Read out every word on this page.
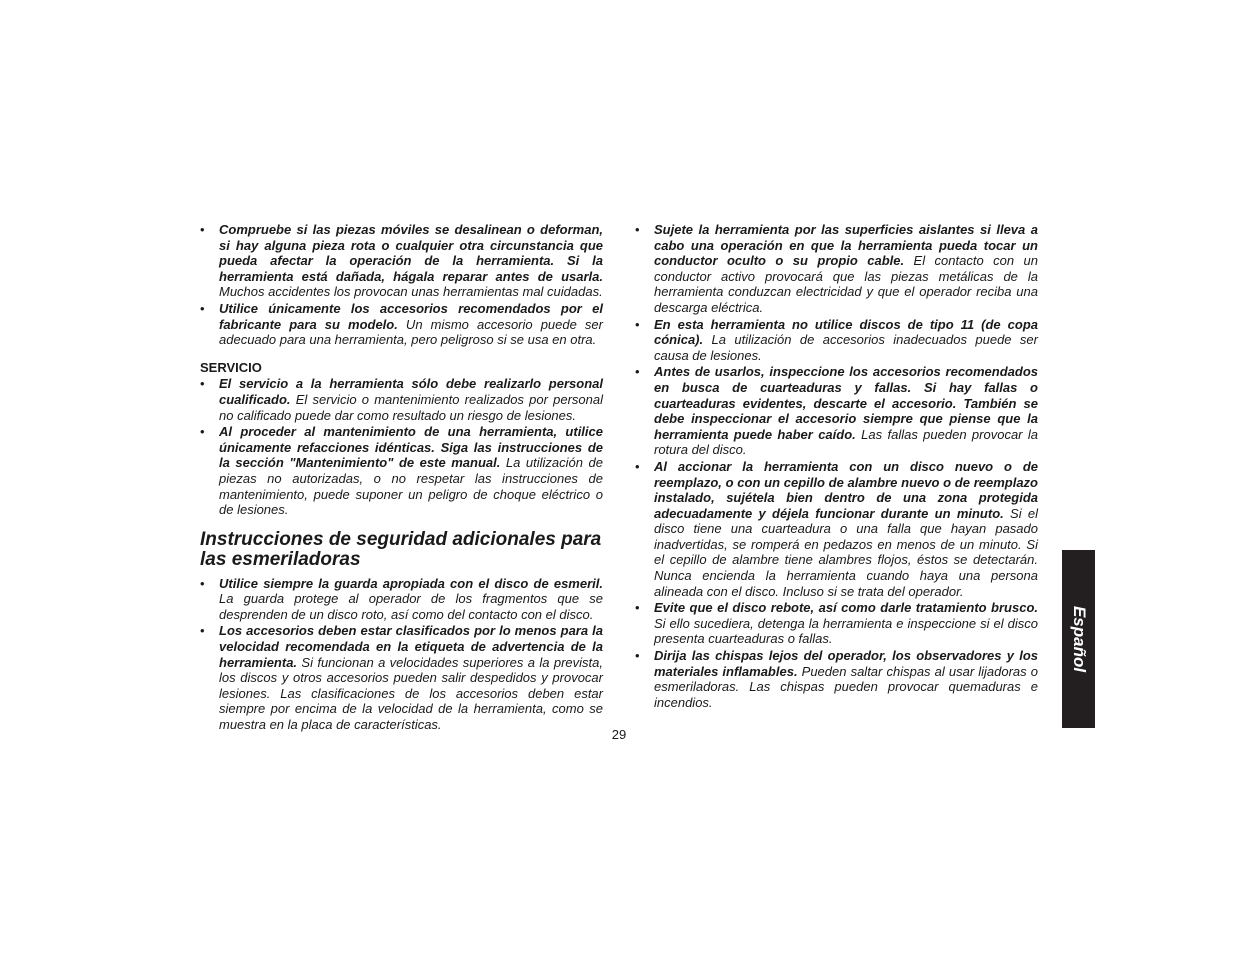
• Compruebe si las piezas móviles se desalinean o deforman, si hay alguna pieza rota o cualquier otra circunstancia que pueda afectar la operación de la herramienta. Si la herramienta está dañada, hágala reparar antes de usarla. Muchos accidentes los provocan unas herramientas mal cuidadas.
• Utilice únicamente los accesorios recomendados por el fabricante para su modelo. Un mismo accesorio puede ser adecuado para una herramienta, pero peligroso si se usa en otra.
SERVICIO
• El servicio a la herramienta sólo debe realizarlo personal cualificado. El servicio o mantenimiento realizados por personal no calificado puede dar como resultado un riesgo de lesiones.
• Al proceder al mantenimiento de una herramienta, utilice únicamente refacciones idénticas. Siga las instrucciones de la sección "Mantenimiento" de este manual. La utilización de piezas no autorizadas, o no respetar las instrucciones de mantenimiento, puede suponer un peligro de choque eléctrico o de lesiones.
Instrucciones de seguridad adicionales para las esmeriladoras
• Utilice siempre la guarda apropiada con el disco de esmeril. La guarda protege al operador de los fragmentos que se desprenden de un disco roto, así como del contacto con el disco.
• Los accesorios deben estar clasificados por lo menos para la velocidad recomendada en la etiqueta de advertencia de la herramienta. Si funcionan a velocidades superiores a la prevista, los discos y otros accesorios pueden salir despedidos y provocar lesiones. Las clasificaciones de los accesorios deben estar siempre por encima de la velocidad de la herramienta, como se muestra en la placa de características.
• Sujete la herramienta por las superficies aislantes si lleva a cabo una operación en que la herramienta pueda tocar un conductor oculto o su propio cable. El contacto con un conductor activo provocará que las piezas metálicas de la herramienta conduzcan electricidad y que el operador reciba una descarga eléctrica.
• En esta herramienta no utilice discos de tipo 11 (de copa cónica). La utilización de accesorios inadecuados puede ser causa de lesiones.
• Antes de usarlos, inspeccione los accesorios recomendados en busca de cuarteaduras y fallas. Si hay fallas o cuarteaduras evidentes, descarte el accesorio. También se debe inspeccionar el accesorio siempre que piense que la herramienta puede haber caído. Las fallas pueden provocar la rotura del disco.
• Al accionar la herramienta con un disco nuevo o de reemplazo, o con un cepillo de alambre nuevo o de reemplazo instalado, sujétela bien dentro de una zona protegida adecuadamente y déjela funcionar durante un minuto. Si el disco tiene una cuarteadura o una falla que hayan pasado inadvertidas, se romperá en pedazos en menos de un minuto. Si el cepillo de alambre tiene alambres flojos, éstos se detectarán. Nunca encienda la herramienta cuando haya una persona alineada con el disco. Incluso si se trata del operador.
• Evite que el disco rebote, así como darle tratamiento brusco. Si ello sucediera, detenga la herramienta e inspeccione si el disco presenta cuarteaduras o fallas.
• Dirija las chispas lejos del operador, los observadores y los materiales inflamables. Pueden saltar chispas al usar lijadoras o esmeriladoras. Las chispas pueden provocar quemaduras e incendios.
29
Español
